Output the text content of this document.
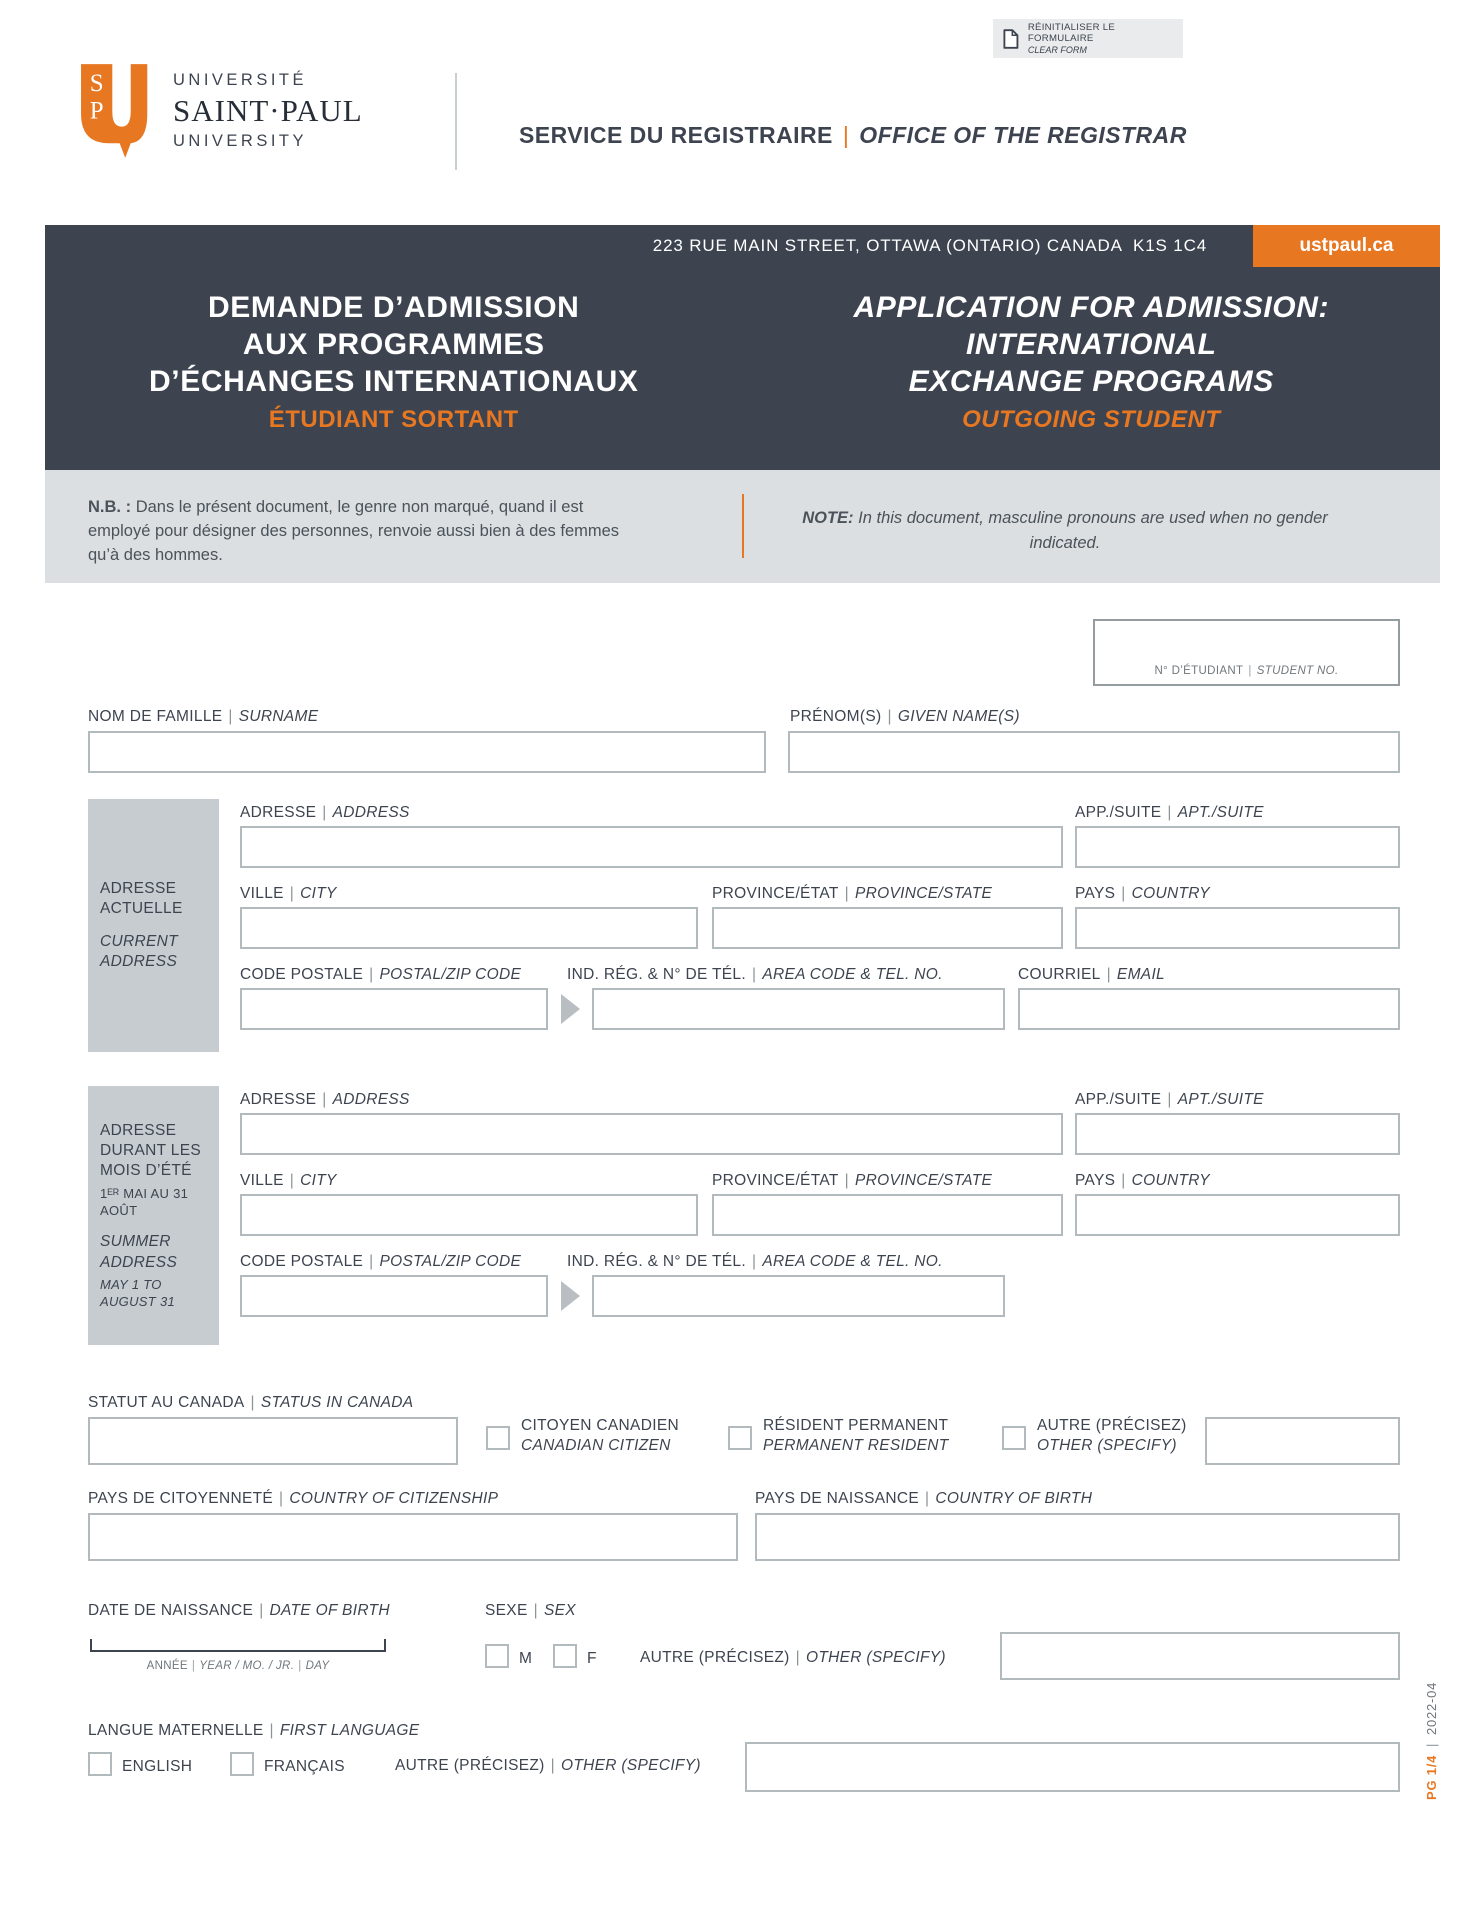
RÉINITIALISER LE FORMULAIRE
CLEAR FORM
S
P
UNIVERSITÉ
SAINT·PAUL
UNIVERSITY	SERVICE DU REGISTRAIRE | OFFICE OF THE REGISTRAR
223 RUE MAIN STREET, OTTAWA (ONTARIO) CANADA  K1S 1C4	ustpaul.ca
DEMANDE D’ADMISSION
AUX PROGRAMMES
D’ÉCHANGES INTERNATIONAUX
ÉTUDIANT SORTANT
APPLICATION FOR ADMISSION:
INTERNATIONAL
EXCHANGE PROGRAMS
OUTGOING STUDENT
N.B. : Dans le présent document, le genre non marqué, quand il est employé pour désigner des personnes, renvoie aussi bien à des femmes qu’à des hommes.
NOTE: In this document, masculine pronouns are used when no gender indicated.
N° D’ÉTUDIANT | STUDENT NO.
NOM DE FAMILLE | SURNAME	PRÉNOM(S) | GIVEN NAME(S)
ADRESSE ACTUELLE
CURRENT ADDRESS
ADRESSE | ADDRESS	APP./SUITE | APT./SUITE
VILLE | CITY	PROVINCE/ÉTAT | PROVINCE/STATE	PAYS | COUNTRY
CODE POSTALE | POSTAL/ZIP CODE	IND. RÉG. & N° DE TÉL. | AREA CODE & TEL. NO.	COURRIEL | EMAIL
ADRESSE DURANT LES MOIS D’ÉTÉ
1ᴱᴿ MAI AU 31 AOÛT
SUMMER ADDRESS
MAY 1 TO AUGUST 31
ADRESSE | ADDRESS	APP./SUITE | APT./SUITE
VILLE | CITY	PROVINCE/ÉTAT | PROVINCE/STATE	PAYS | COUNTRY
CODE POSTALE | POSTAL/ZIP CODE	IND. RÉG. & N° DE TÉL. | AREA CODE & TEL. NO.
STATUT AU CANADA | STATUS IN CANADA
CITOYEN CANADIEN
CANADIAN CITIZEN
RÉSIDENT PERMANENT
PERMANENT RESIDENT
AUTRE (PRÉCISEZ)
OTHER (SPECIFY)
PAYS DE CITOYENNETÉ | COUNTRY OF CITIZENSHIP	PAYS DE NAISSANCE | COUNTRY OF BIRTH
DATE DE NAISSANCE | DATE OF BIRTH
ANNÉE | YEAR / MO. / JR. | DAY
SEXE | SEX
M	F	AUTRE (PRÉCISEZ) | OTHER (SPECIFY)
LANGUE MATERNELLE | FIRST LANGUAGE
ENGLISH	FRANÇAIS	AUTRE (PRÉCISEZ) | OTHER (SPECIFY)	PG 1/4
|
2022-04
